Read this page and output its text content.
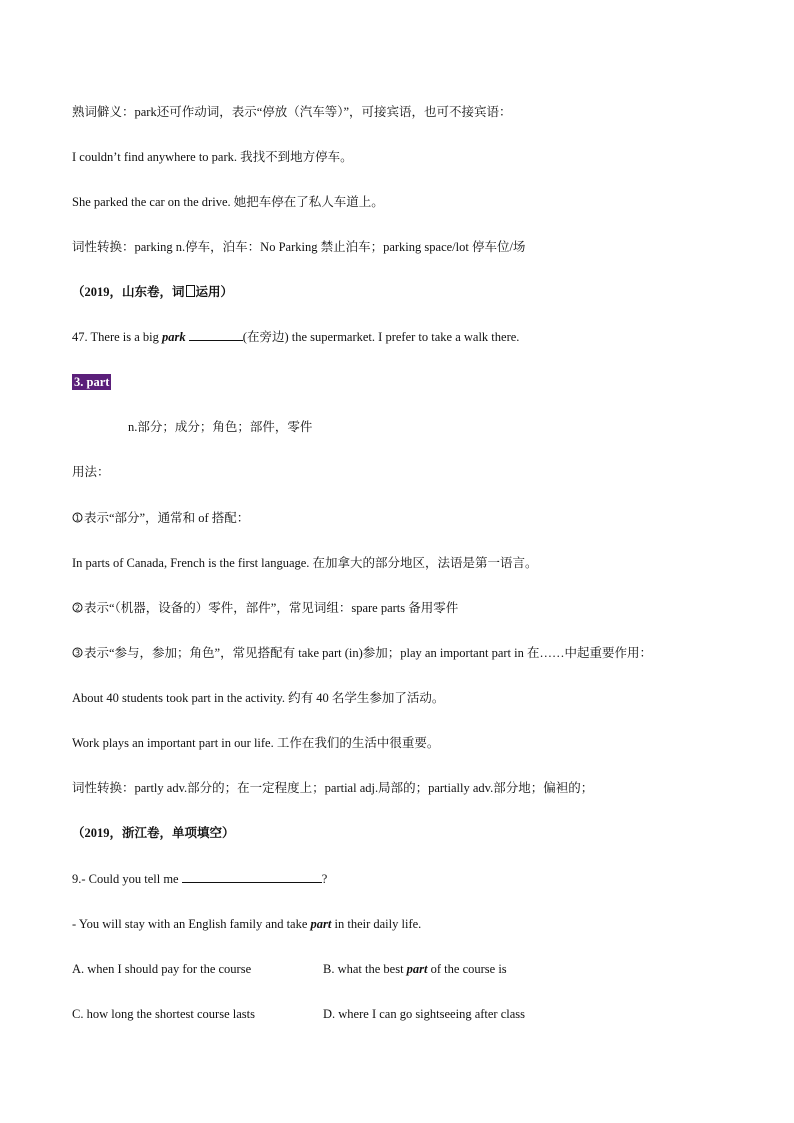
熟词僻义：park还可作动词，表示“停放（汽车等）”，可接宾语，也可不接宾语：
I couldn’t find anywhere to park. 我找不到地方停车。
She parked the car on the drive. 她把车停在了私人车道上。
词性转换：parking n.停车，泊车：No Parking 禁止泊车；parking space/lot 停车位/场
（2019，山东卷，词 运用）
47. There is a big park	(在旁边) the supermarket. I prefer to take a walk there.
3. part
n.部分；成分；角色；部件，零件
用法：
1 表示“部分”，通常和 of 搭配：
In parts of Canada, French is the first language. 在加拿大的部分地区，法语是第一语言。
2 表示“（机器，设备的）零件，部件”，常见词组：spare parts 备用零件
3 表示“参与，参加；角色”，常见搭配有 take part (in)参加；play an important part in 在……中起重要作用：
About 40 students took part in the activity. 约有 40 名学生参加了活动。
Work plays an important part in our life. 工作在我们的生活中很重要。
词性转换：partly adv.部分的；在一定程度上；partial adj.局部的；partially adv.部分地；偏袒的；
（2019，浙江卷，单项填空）
9.- Could you tell me	?
- You will stay with an English family and take part in their daily life.
A. when I should pay for the course	B. what the best part of the course is
C. how long the shortest course lasts	D. where I can go sightseeing after class
